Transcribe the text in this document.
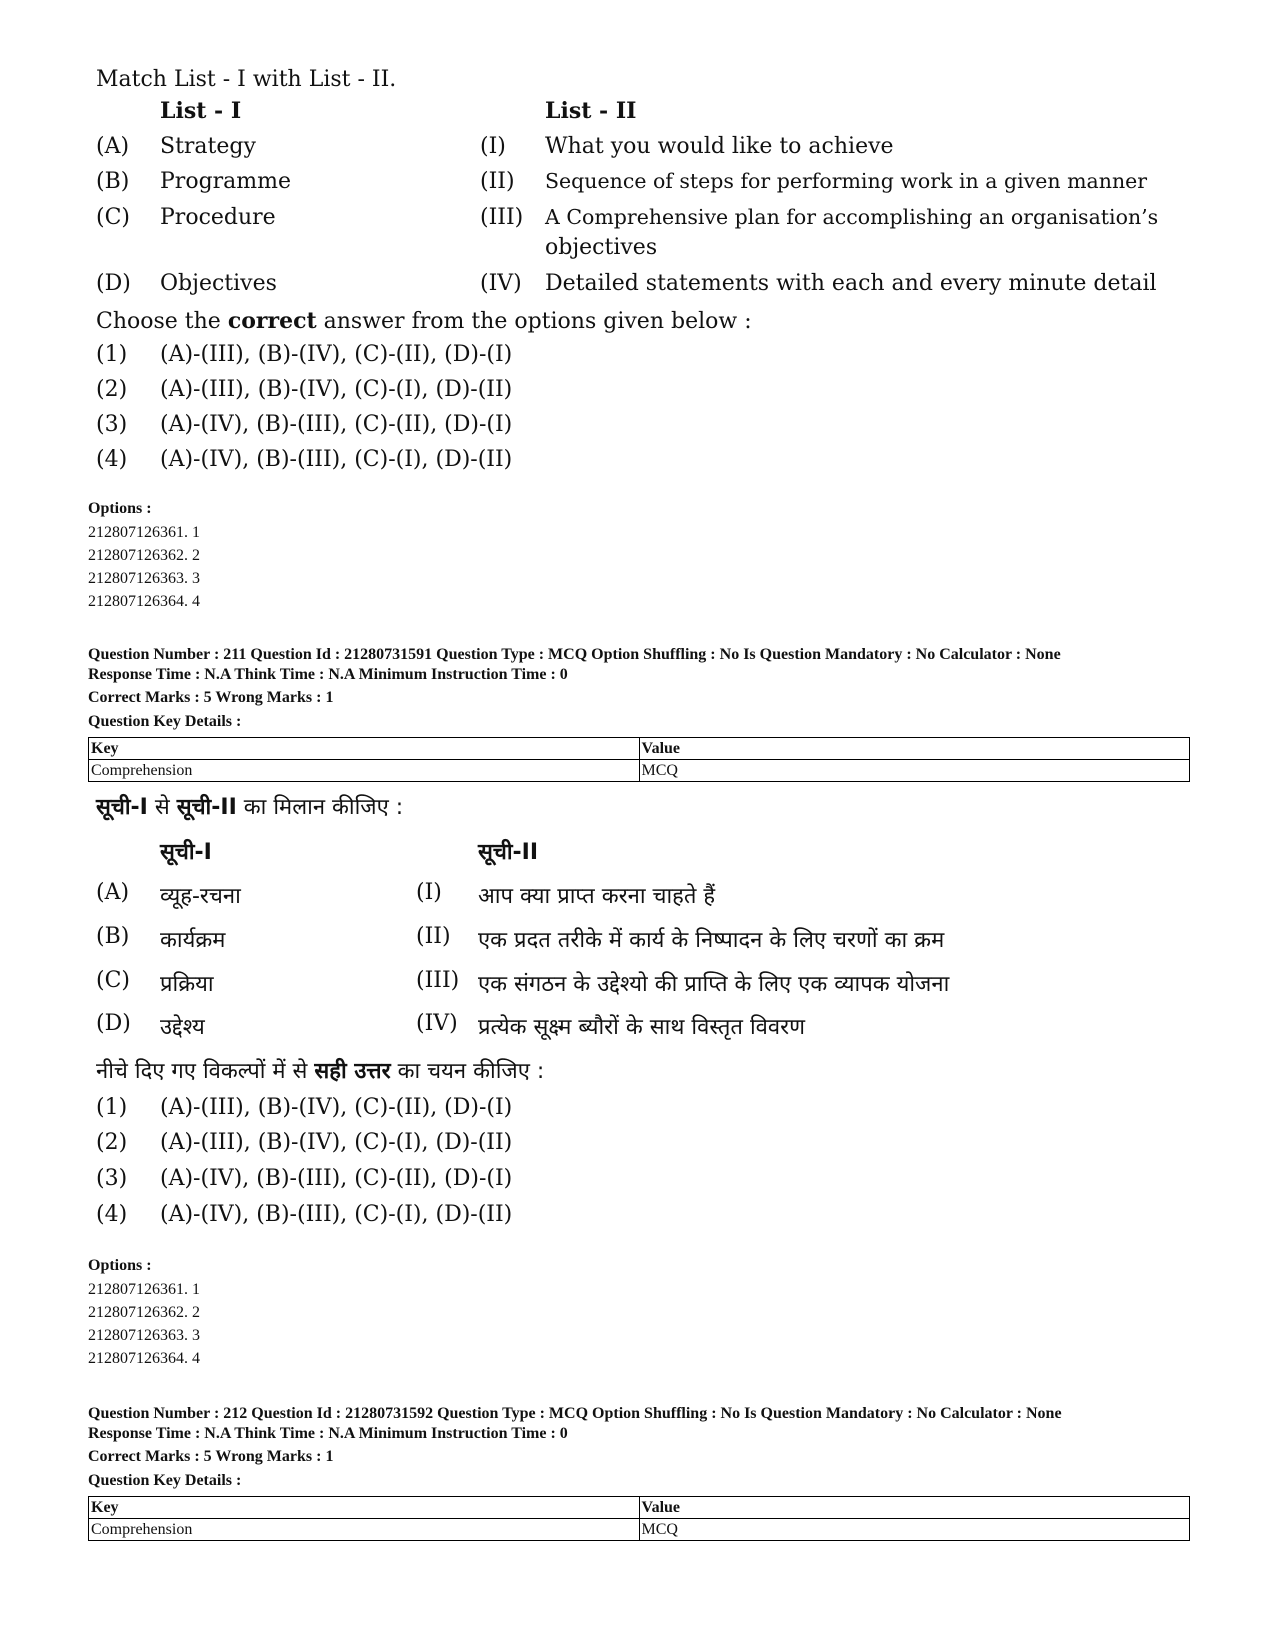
Match List - I with List - II.
List - I	List - II
(A) Strategy	(I) What you would like to achieve
(B) Programme	(II) Sequence of steps for performing work in a given manner
(C) Procedure	(III) A Comprehensive plan for accomplishing an organisation’s
objectives
(D) Objectives	(IV) Detailed statements with each and every minute detail
Choose the correct answer from the options given below :
(1) (A)-(III), (B)-(IV), (C)-(II), (D)-(I)
(2) (A)-(III), (B)-(IV), (C)-(I), (D)-(II)
(3) (A)-(IV), (B)-(III), (C)-(II), (D)-(I)
(4) (A)-(IV), (B)-(III), (C)-(I), (D)-(II)
Options :
212807126361. 1
212807126362. 2
212807126363. 3
212807126364. 4
Question Number : 211 Question Id : 21280731591 Question Type : MCQ Option Shuffling : No Is Question Mandatory : No Calculator : None
Response Time : N.A Think Time : N.A Minimum Instruction Time : 0
Correct Marks : 5 Wrong Marks : 1
Question Key Details :
Key	Value
Comprehension	MCQ
सूची-I से सूची-II का मिलान कीजिए :
सूची-I	सूची-II
(A) व्यूह-रचना	(I) आप क्या प्राप्त करना चाहते हैं
(B) कार्यक्रम	(II) एक प्रदत तरीके में कार्य के निष्पादन के लिए चरणों का क्रम
(C) प्रक्रिया	(III) एक संगठन के उद्देश्यो की प्राप्ति के लिए एक व्यापक योजना
(D) उद्देश्य	(IV) प्रत्येक सूक्ष्म ब्यौरों के साथ विस्तृत विवरण
नीचे दिए गए विकल्पों में से सही उत्तर का चयन कीजिए :
(1) (A)-(III), (B)-(IV), (C)-(II), (D)-(I)
(2) (A)-(III), (B)-(IV), (C)-(I), (D)-(II)
(3) (A)-(IV), (B)-(III), (C)-(II), (D)-(I)
(4) (A)-(IV), (B)-(III), (C)-(I), (D)-(II)
Options :
212807126361. 1
212807126362. 2
212807126363. 3
212807126364. 4
Question Number : 212 Question Id : 21280731592 Question Type : MCQ Option Shuffling : No Is Question Mandatory : No Calculator : None
Response Time : N.A Think Time : N.A Minimum Instruction Time : 0
Correct Marks : 5 Wrong Marks : 1
Question Key Details :
Key	Value
Comprehension	MCQ
